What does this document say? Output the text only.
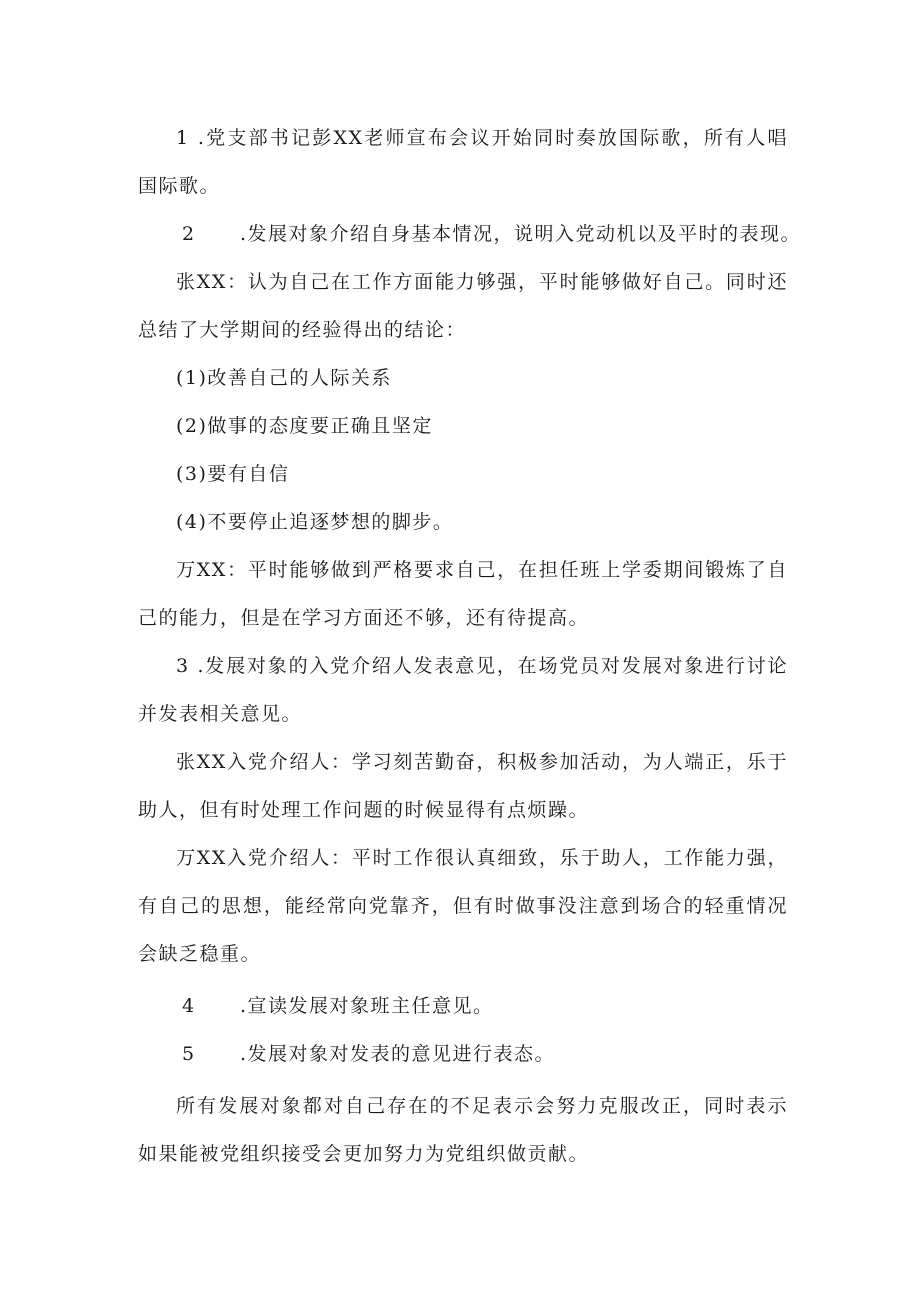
1 .党支部书记彭XX老师宣布会议开始同时奏放国际歌，所有人唱国际歌。

2 .发展对象介绍自身基本情况，说明入党动机以及平时的表现。

张XX：认为自己在工作方面能力够强，平时能够做好自己。同时还总结了大学期间的经验得出的结论：

(1)改善自己的人际关系

(2)做事的态度要正确且坚定

(3)要有自信

(4)不要停止追逐梦想的脚步。

万XX：平时能够做到严格要求自己，在担任班上学委期间锻炼了自己的能力，但是在学习方面还不够，还有待提高。

3 .发展对象的入党介绍人发表意见，在场党员对发展对象进行讨论并发表相关意见。

张XX入党介绍人：学习刻苦勤奋，积极参加活动，为人端正，乐于助人，但有时处理工作问题的时候显得有点烦躁。

万XX入党介绍人：平时工作很认真细致，乐于助人，工作能力强，有自己的思想，能经常向党靠齐，但有时做事没注意到场合的轻重情况会缺乏稳重。

4 .宣读发展对象班主任意见。

5 .发展对象对发表的意见进行表态。

所有发展对象都对自己存在的不足表示会努力克服改正，同时表示如果能被党组织接受会更加努力为党组织做贡献。
